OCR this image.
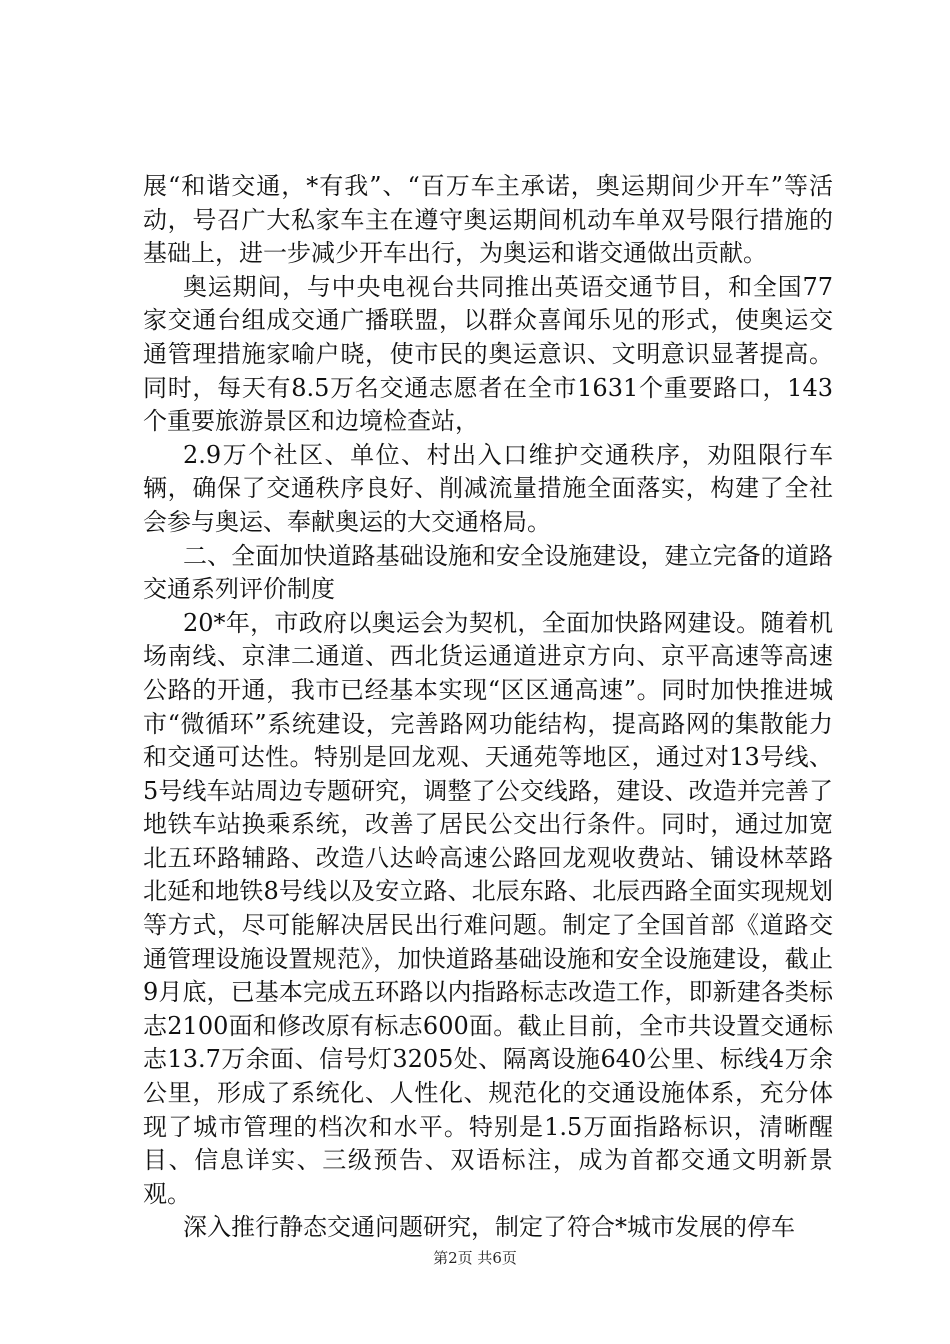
展“和谐交通，*有我”、“百万车主承诺，奥运期间少开车”等活动，号召广大私家车主在遵守奥运期间机动车单双号限行措施的基础上，进一步减少开车出行，为奥运和谐交通做出贡献。

奥运期间，与中央电视台共同推出英语交通节目，和全国77家交通台组成交通广播联盟，以群众喜闻乐见的形式，使奥运交通管理措施家喻户晓，使市民的奥运意识、文明意识显著提高。同时，每天有8.5万名交通志愿者在全市1631个重要路口，143个重要旅游景区和边境检查站，

2.9万个社区、单位、村出入口维护交通秩序，劝阻限行车辆，确保了交通秩序良好、削减流量措施全面落实，构建了全社会参与奥运、奉献奥运的大交通格局。

二、全面加快道路基础设施和安全设施建设，建立完备的道路交通系列评价制度

20*年，市政府以奥运会为契机，全面加快路网建设。随着机场南线、京津二通道、西北货运通道进京方向、京平高速等高速公路的开通，我市已经基本实现“区区通高速”。同时加快推进城市“微循环”系统建设，完善路网功能结构，提高路网的集散能力和交通可达性。特别是回龙观、天通苑等地区，通过对13号线、5号线车站周边专题研究，调整了公交线路，建设、改造并完善了地铁车站换乘系统，改善了居民公交出行条件。同时，通过加宽北五环路辅路、改造八达岭高速公路回龙观收费站、铺设林萃路北延和地铁8号线以及安立路、北辰东路、北辰西路全面实现规划等方式，尽可能解决居民出行难问题。制定了全国首部《道路交通管理设施设置规范》，加快道路基础设施和安全设施建设，截止9月底，已基本完成五环路以内指路标志改造工作，即新建各类标志2100面和修改原有标志600面。截止目前，全市共设置交通标志13.7万余面、信号灯3205处、隔离设施640公里、标线4万余公里，形成了系统化、人性化、规范化的交通设施体系，充分体现了城市管理的档次和水平。特别是1.5万面指路标识，清晰醒目、信息详实、三级预告、双语标注，成为首都交通文明新景观。

深入推行静态交通问题研究，制定了符合*城市发展的停车

第2页 共6页
